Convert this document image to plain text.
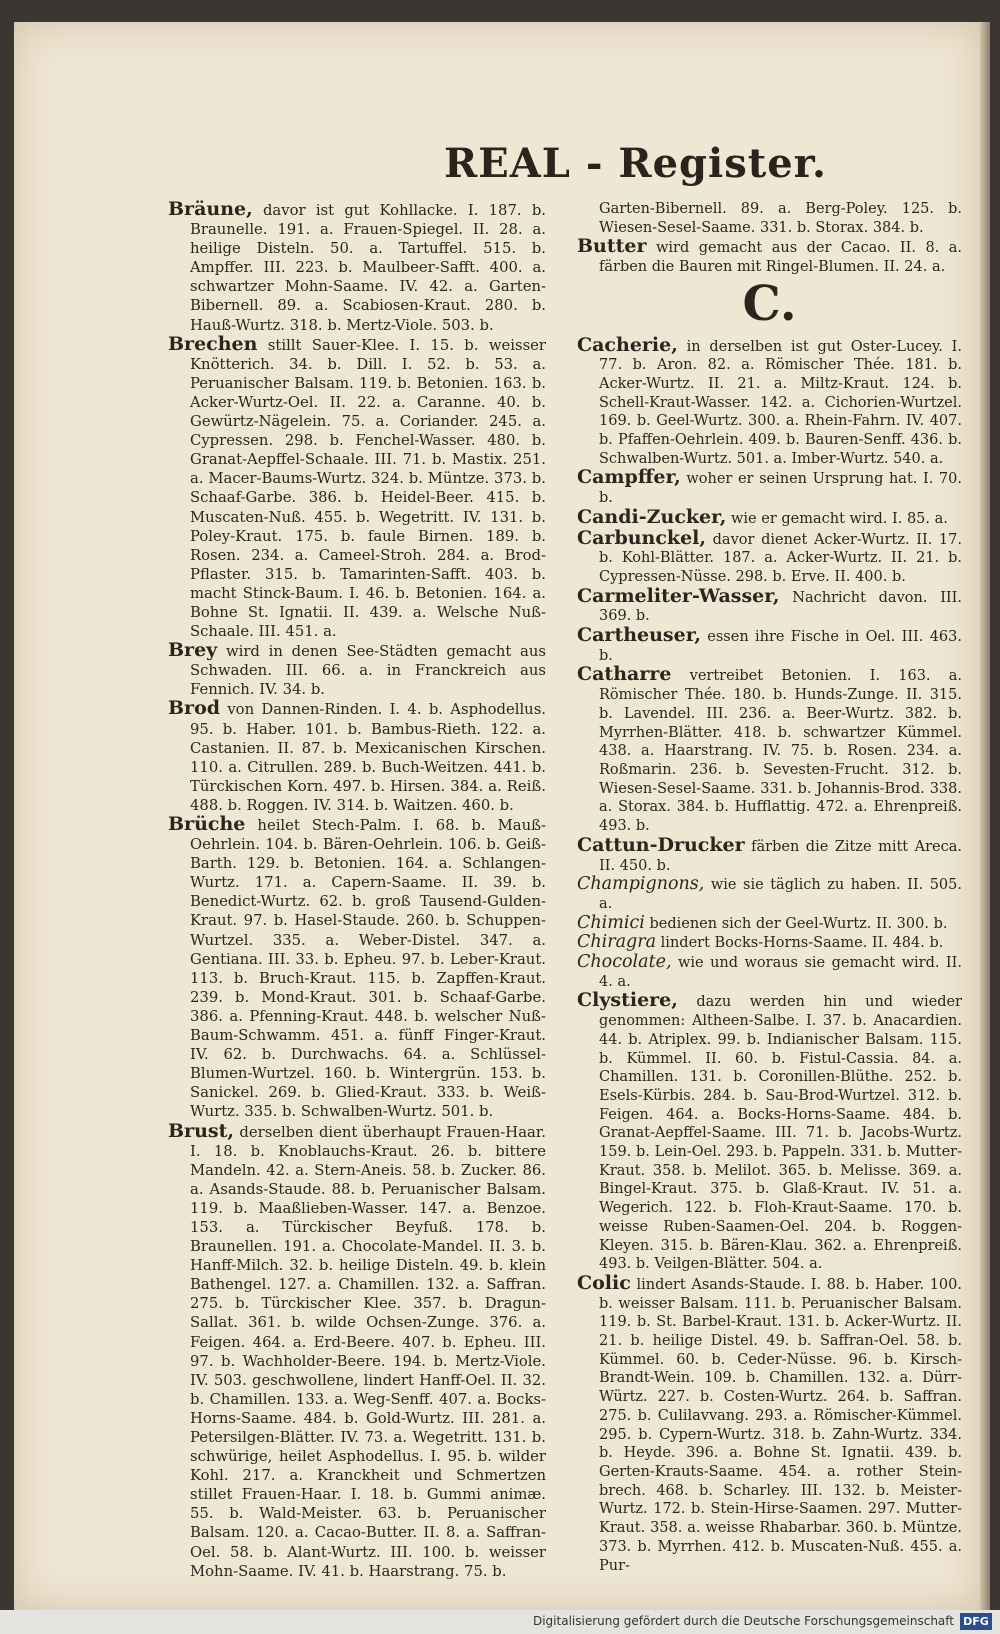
REAL - Register.

Bräune, davor ist gut Kohllacke. I. 187. b. Braunelle. 191. a. Frauen-Spiegel. II. 28. a. heilige Disteln. 50. a. Tartuffel. 515. b. Ampffer. III. 223. b. Maulbeer-Safft. 400. a. schwartzer Mohn-Saame. IV. 42. a. Garten-Bibernell. 89. a. Scabiosen-Kraut. 280. b. Hauß-Wurtz. 318. b. Mertz-Viole. 503. b.

Brechen stillt Sauer-Klee. I. 15. b. weisser Knötterich. 34. b. Dill. I. 52. b. 53. a. Peruanischer Balsam. 119. b. Betonien. 163. b. Acker-Wurtz-Oel. II. 22. a. Caranne. 40. b. Gewürtz-Nägelein. 75. a. Coriander. 245. a. Cypressen. 298. b. Fenchel-Wasser. 480. b. Granat-Aepffel-Schaale. III. 71. b. Mastix. 251. a. Macer-Baums-Wurtz. 324. b. Müntze. 373. b. Schaaf-Garbe. 386. b. Heidel-Beer. 415. b. Muscaten-Nuß. 455. b. Wegetritt. IV. 131. b. Poley-Kraut. 175. b. faule Birnen. 189. b. Rosen. 234. a. Cameel-Stroh. 284. a. Brod-Pflaster. 315. b. Tamarinten-Safft. 403. b. macht Stinck-Baum. I. 46. b. Betonien. 164. a. Bohne St. Ignatii. II. 439. a. Welsche Nuß-Schaale. III. 451. a.

Brey wird in denen See-Städten gemacht aus Schwaden. III. 66. a. in Franckreich aus Fennich. IV. 34. b.

Brod von Dannen-Rinden. I. 4. b. Asphodellus. 95. b. Haber. 101. b. Bambus-Rieth. 122. a. Castanien. II. 87. b. Mexicanischen Kirschen. 110. a. Citrullen. 289. b. Buch-Weitzen. 441. b. Türckischen Korn. 497. b. Hirsen. 384. a. Reiß. 488. b. Roggen. IV. 314. b. Waitzen. 460. b.

Brüche heilet Stech-Palm. I. 68. b. Mauß-Oehrlein. 104. b. Bären-Oehrlein. 106. b. Geiß-Barth. 129. b. Betonien. 164. a. Schlangen-Wurtz. 171. a. Capern-Saame. II. 39. b. Benedict-Wurtz. 62. b. groß Tausend-Gulden-Kraut. 97. b. Hasel-Staude. 260. b. Schuppen-Wurtzel. 335. a. Weber-Distel. 347. a. Gentiana. III. 33. b. Epheu. 97. b. Leber-Kraut. 113. b. Bruch-Kraut. 115. b. Zapffen-Kraut. 239. b. Mond-Kraut. 301. b. Schaaf-Garbe. 386. a. Pfenning-Kraut. 448. b. welscher Nuß-Baum-Schwamm. 451. a. fünff Finger-Kraut. IV. 62. b. Durchwachs. 64. a. Schlüssel-Blumen-Wurtzel. 160. b. Wintergrün. 153. b. Sanickel. 269. b. Glied-Kraut. 333. b. Weiß-Wurtz. 335. b. Schwalben-Wurtz. 501. b.

Brust, derselben dient überhaupt Frauen-Haar. I. 18. b. Knoblauchs-Kraut. 26. b. bittere Mandeln. 42. a. Stern-Aneis. 58. b. Zucker. 86. a. Asands-Staude. 88. b. Peruanischer Balsam. 119. b. Maaßlieben-Wasser. 147. a. Benzoe. 153. a. Türckischer Beyfuß. 178. b. Braunellen. 191. a. Chocolate-Mandel. II. 3. b. Hanff-Milch. 32. b. heilige Disteln. 49. b. klein Bathengel. 127. a. Chamillen. 132. a. Saffran. 275. b. Türckischer Klee. 357. b. Dragun-Sallat. 361. b. wilde Ochsen-Zunge. 376. a. Feigen. 464. a. Erd-Beere. 407. b. Epheu. III. 97. b. Wachholder-Beere. 194. b. Mertz-Viole. IV. 503. geschwollene, lindert Hanff-Oel. II. 32. b. Chamillen. 133. a. Weg-Senff. 407. a. Bocks-Horns-Saame. 484. b. Gold-Wurtz. III. 281. a. Petersilgen-Blätter. IV. 73. a. Wegetritt. 131. b. schwürige, heilet Asphodellus. I. 95. b. wilder Kohl. 217. a. Kranckheit und Schmertzen stillet Frauen-Haar. I. 18. b. Gummi animæ. 55. b. Wald-Meister. 63. b. Peruanischer Balsam. 120. a. Cacao-Butter. II. 8. a. Saffran-Oel. 58. b. Alant-Wurtz. III. 100. b. weisser Mohn-Saame. IV. 41. b. Haarstrang. 75. b.

Garten-Bibernell. 89. a. Berg-Poley. 125. b. Wiesen-Sesel-Saame. 331. b. Storax. 384. b.

Butter wird gemacht aus der Cacao. II. 8. a. färben die Bauren mit Ringel-Blumen. II. 24. a.

C.

Cacherie, in derselben ist gut Oster-Lucey. I. 77. b. Aron. 82. a. Römischer Thée. 181. b. Acker-Wurtz. II. 21. a. Miltz-Kraut. 124. b. Schell-Kraut-Wasser. 142. a. Cichorien-Wurtzel. 169. b. Geel-Wurtz. 300. a. Rhein-Fahrn. IV. 407. b. Pfaffen-Oehrlein. 409. b. Bauren-Senff. 436. b. Schwalben-Wurtz. 501. a. Imber-Wurtz. 540. a.

Campffer, woher er seinen Ursprung hat. I. 70. b.

Candi-Zucker, wie er gemacht wird. I. 85. a.

Carbunckel, davor dienet Acker-Wurtz. II. 17. b. Kohl-Blätter. 187. a. Acker-Wurtz. II. 21. b. Cypressen-Nüsse. 298. b. Erve. II. 400. b.

Carmeliter-Wasser, Nachricht davon. III. 369. b.

Cartheuser, essen ihre Fische in Oel. III. 463. b.

Catharre vertreibet Betonien. I. 163. a. Römischer Thée. 180. b. Hunds-Zunge. II. 315. b. Lavendel. III. 236. a. Beer-Wurtz. 382. b. Myrrhen-Blätter. 418. b. schwartzer Kümmel. 438. a. Haarstrang. IV. 75. b. Rosen. 234. a. Roßmarin. 236. b. Sevesten-Frucht. 312. b. Wiesen-Sesel-Saame. 331. b. Johannis-Brod. 338. a. Storax. 384. b. Hufflattig. 472. a. Ehrenpreiß. 493. b.

Cattun-Drucker färben die Zitze mitt Areca. II. 450. b.

Champignons, wie sie täglich zu haben. II. 505. a.

Chimici bedienen sich der Geel-Wurtz. II. 300. b.

Chiragra lindert Bocks-Horns-Saame. II. 484. b.

Chocolate, wie und woraus sie gemacht wird. II. 4. a.

Clystiere, dazu werden hin und wieder genommen: Altheen-Salbe. I. 37. b. Anacardien. 44. b. Atriplex. 99. b. Indianischer Balsam. 115. b. Kümmel. II. 60. b. Fistul-Cassia. 84. a. Chamillen. 131. b. Coronillen-Blüthe. 252. b. Esels-Kürbis. 284. b. Sau-Brod-Wurtzel. 312. b. Feigen. 464. a. Bocks-Horns-Saame. 484. b. Granat-Aepffel-Saame. III. 71. b. Jacobs-Wurtz. 159. b. Lein-Oel. 293. b. Pappeln. 331. b. Mutter-Kraut. 358. b. Melilot. 365. b. Melisse. 369. a. Bingel-Kraut. 375. b. Glaß-Kraut. IV. 51. a. Wegerich. 122. b. Floh-Kraut-Saame. 170. b. weisse Ruben-Saamen-Oel. 204. b. Roggen-Kleyen. 315. b. Bären-Klau. 362. a. Ehrenpreiß. 493. b. Veilgen-Blätter. 504. a.

Colic lindert Asands-Staude. I. 88. b. Haber. 100. b. weisser Balsam. 111. b. Peruanischer Balsam. 119. b. St. Barbel-Kraut. 131. b. Acker-Wurtz. II. 21. b. heilige Distel. 49. b. Saffran-Oel. 58. b. Kümmel. 60. b. Ceder-Nüsse. 96. b. Kirsch-Brandt-Wein. 109. b. Chamillen. 132. a. Dürr-Würtz. 227. b. Costen-Wurtz. 264. b. Saffran. 275. b. Culilavvang. 293. a. Römischer-Kümmel. 295. b. Cypern-Wurtz. 318. b. Zahn-Wurtz. 334. b. Heyde. 396. a. Bohne St. Ignatii. 439. b. Gerten-Krauts-Saame. 454. a. rother Stein-brech. 468. b. Scharley. III. 132. b. Meister-Wurtz. 172. b. Stein-Hirse-Saamen. 297. Mutter-Kraut. 358. a. weisse Rhabarbar. 360. b. Müntze. 373. b. Myrrhen. 412. b. Muscaten-Nuß. 455. a. Pur-

Digitalisierung gefördert durch die Deutsche Forschungsgemeinschaft DFG
